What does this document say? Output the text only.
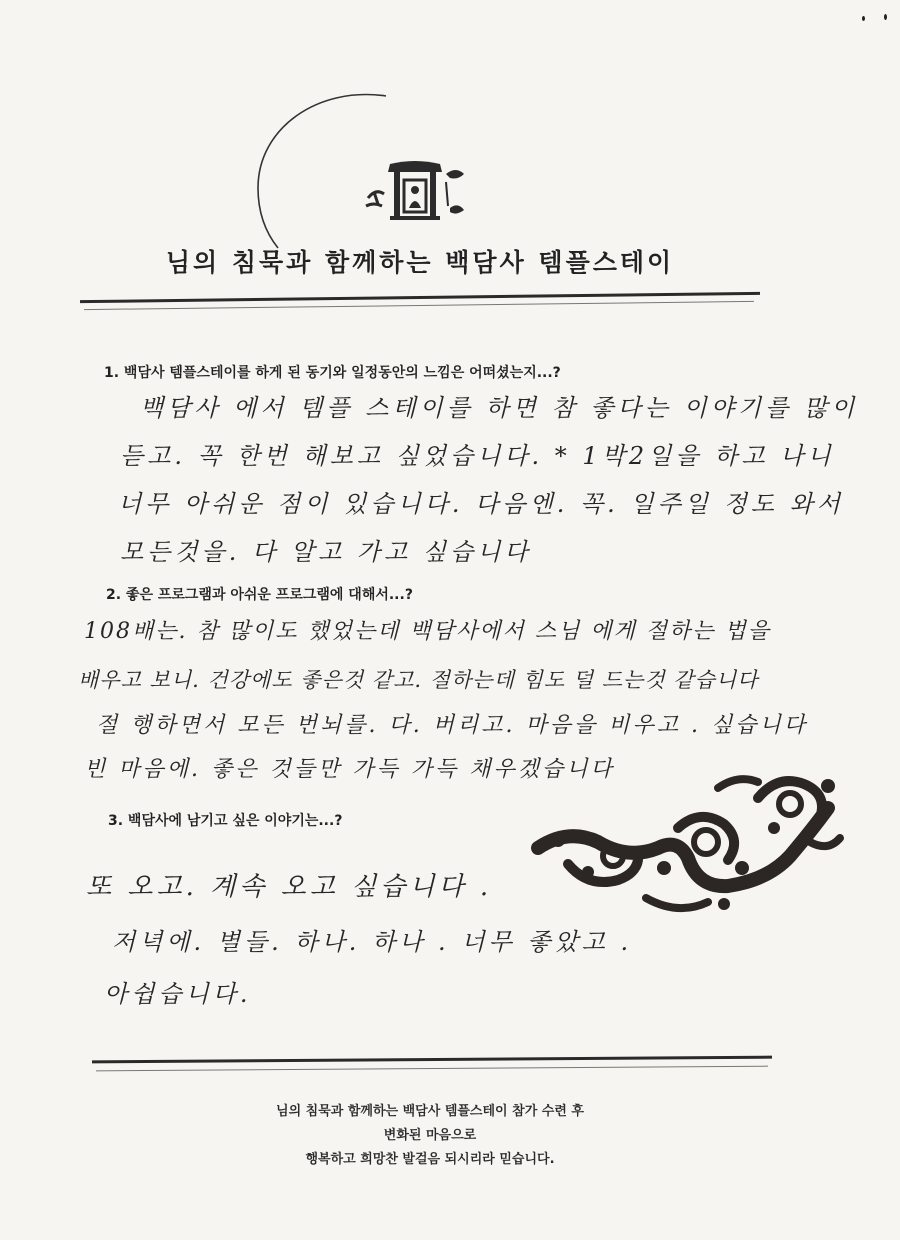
님의 침묵과 함께하는 백담사 템플스테이
1. 백담사 템플스테이를 하게 된 동기와 일정동안의 느낌은 어떠셨는지...?
백담사 에서 템플 스테이를 하면 참 좋다는 이야기를 많이
듣고. 꼭 한번 해보고 싶었습니다. * 1박2일을 하고 나니
너무 아쉬운 점이 있습니다. 다음엔. 꼭. 일주일 정도 와서
모든것을. 다 알고 가고 싶습니다
2. 좋은 프로그램과 아쉬운 프로그램에 대해서...?
108배는. 참 많이도 했었는데 백담사에서 스님 에게 절하는 법을
배우고 보니. 건강에도 좋은것 같고. 절하는데 힘도 덜 드는것 같습니다
절 행하면서 모든 번뇌를. 다. 버리고. 마음을 비우고 . 싶습니다
빈 마음에. 좋은 것들만 가득 가득 채우겠습니다
3. 백담사에 남기고 싶은 이야기는...?
또 오고. 계속 오고 싶습니다 .
저녁에. 별들. 하나. 하나 . 너무 좋았고 .
아쉽습니다.
님의 침묵과 함께하는 백담사 템플스테이 참가 수련 후
변화된 마음으로
행복하고 희망찬 발걸음 되시리라 믿습니다.
